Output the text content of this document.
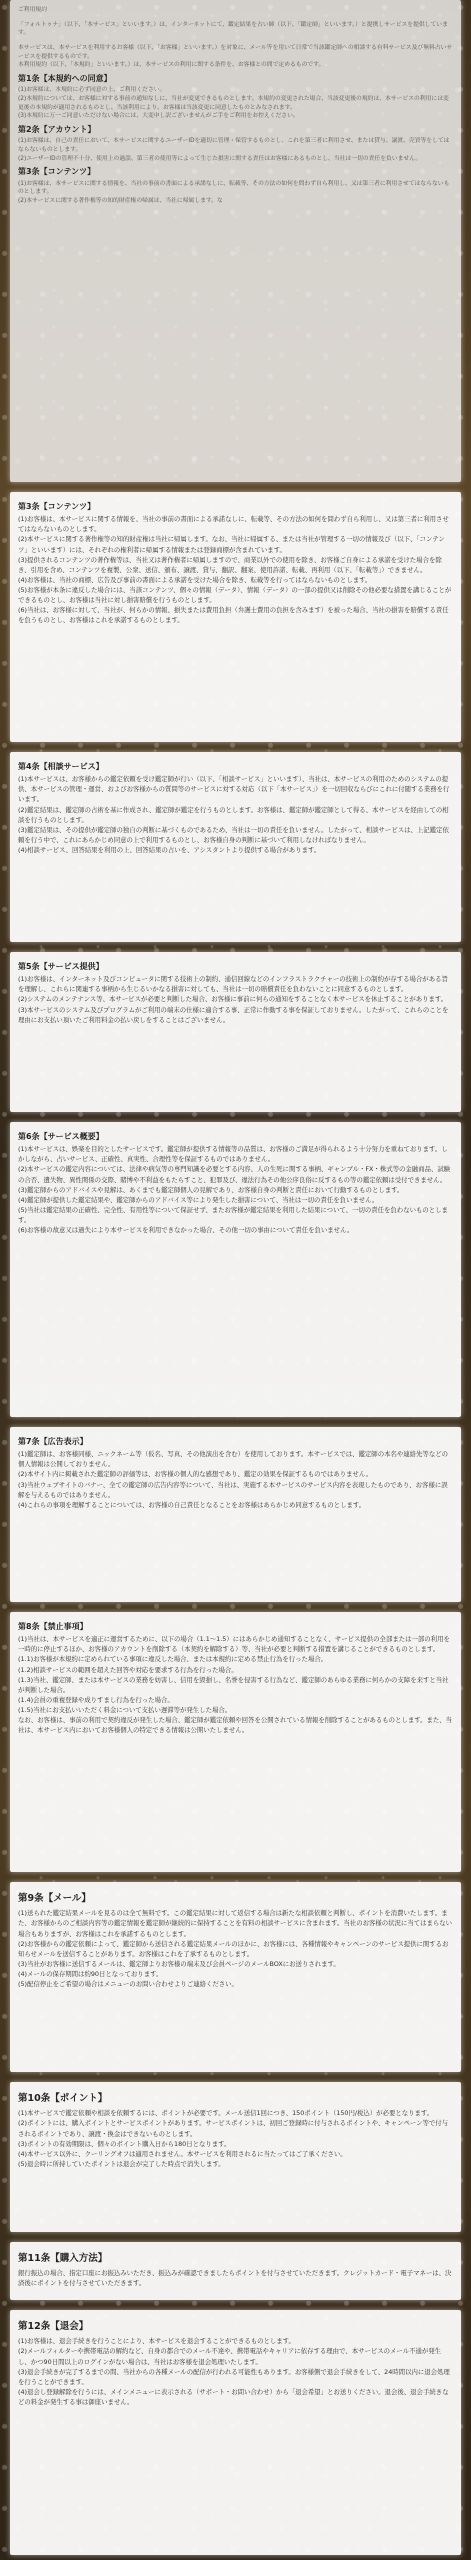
ご利用規約

「フォルトゥナ」（以下、「本サービス」といいます。）は、インターネットにて、鑑定結果を占い師（以下、「鑑定師」といいます。）と提携しサービスを提供しています。

本サービスは、本サービスを利用するお客様（以下、「お客様」といいます。）を対象に、メール等を用いて日常で当該鑑定師への相談する有料サービス及び無料占いサービスを提供するものです。

本利用規約（以下、「本規約」といいます。）は、本サービスの利用に関する条件を、お客様との間で定めるものです。

第1条【本規約への同意】

(1)お客様は、本規約に必ず同意の上、ご利用ください。

(2)本規約については、お客様に対する事前の通知なしに、当社が変更できるものとします。本規約の変更された場合、当該変更後の規約は、本サービスの利用には変更後の本規約が適用されるものとし、当該利用により、お客様は当該変更に同意したものとみなされます。

(3)本規約に万一ご同意いただけない場合には、大変申し訳ございませんがご手をご利用をお控えください。

第2条【アカウント】

(1)お客様は、自己の責任において、本サービスに関するユーザーIDを適切に管理・保管するものとし、これを第三者に利用させ、または貸与、譲渡、売買等をしてはならないものとします。

(2)ユーザーIDの管理不十分、使用上の過誤、第三者の使用等によって生じた損害に関する責任はお客様にあるものとし、当社は一切の責任を負いません。

第3条【コンテンツ】

(1)お客様は、本サービスに関する情報を、当社の事前の書面による承諾なしに、転載等、その方法の如何を問わず自ら利用し、又は第三者に利用させてはならないものとします。

(2)本サービスに関する著作権等の知的財産権の帰属は、当社に帰属します。な

第3条【コンテンツ】

(1)お客様は、本サービスに関する情報を、当社の事前の書面による承諾なしに、転載等、その方法の如何を問わず自ら利用し、又は第三者に利用させてはならないものとします。

(2)本サービスに関する著作権等の知的財産権は当社に帰属します。なお、当社に帰属する、または当社が管理する一切の情報及び（以下、「コンテンツ」といいます）には、それぞれの権利者に帰属する情報または登録商標が含まれています。

(3)提供されるコンテンツの著作権等は、当社又は著作権者に帰属しますので、商業以外での使用を除き、お客様ご自身による承諾を受けた場合を除き、引用を含め、コンテンツを複製、公衆、送信、頒布、譲渡、貸与、翻訳、翻案、使用許諾、転載、再利用（以下、「転載等」）できません。

(4)お客様は、当社の商標、広告及び事前の書面による承諾を受けた場合を除き、転載等を行ってはならないものとします。

(5)お客様が本条に違反した場合には、当該コンテンツ、個々の情報（データ）、情報（データ）の一部の提供又は削除その他必要な措置を講じることができるものとし、お客様は当社に対し損害賠償を行うものとします。

(6)当社は、お客様に対して、当社が、何らかの情報、損失または費用負担（弁護士費用の負担を含みます）を被った場合、当社の損害を賠償する責任を負うものとし、お客様はこれを承諾するものとします。

第4条【相談サービス】

(1)本サービスは、お客様からの鑑定依頼を受け鑑定師が行い（以下、「相談サービス」といいます）、当社は、本サービスの利用のためのシステムの提供、本サービスの管理・運営、およびお客様からの質問等のサービスに対する対応（以下「本サービス」）を一切回収ならびにこれに付随する業務を行います。

(2)鑑定結果は、鑑定師の占術を基に作成され、鑑定師が鑑定を行うものとします。お客様は、鑑定師が鑑定師として得る、本サービスを経由しての相談を行うものとします。

(3)鑑定結果は、その提供が鑑定師の独自の判断に基づくものであるため、当社は一切の責任を負いません。したがって、相談サービスは、上記鑑定依頼を行う中で、これにあらかじめ同意の上で利用するものとし、お客様自身の判断に基づいて利用しなければなりません。

(4)相談サービス、回答結果を利用の上、回答結果の占いを、アシスタントより提供する場合があります。

第5条【サービス提供】

(1)お客様は、インターネット及びコンピュータに関する技術上の制約、通信回線などのインフラストラクチャーの技術上の制約が存する場合がある旨を理解し、これらに関連する事柄から生じるいかなる損害に対しても、当社は一切の賠償責任を負わないことに同意するものとします。

(2)システムのメンテナンス等、本サービスが必要と判断した場合、お客様に事前に何らの通知をすることなく本サービスを休止することがあります。

(3)本サービスのシステム及びプログラムがご利用の端末の仕様に適合する事、正常に作動する事を保証しておりません。したがって、これらのことを理由にお支払い頂いたご利用料金の払い戻しをすることはございません。

第6条【サービス概要】

(1)本サービスは、娯楽を目的としたサービスです。鑑定師が提供する情報等の品質は、お客様のご満足が得られるよう十分努力を重ねております。しかしながら、占いサービス、正確性、真実性、合理性等を保証するものではありません。

(2)本サービスの鑑定内容については、法律や病気等の専門知識を必要とする内容、人の生死に関する事柄、ギャンブル・FX・株式等の金融商品、試験の合否、遺失物、異性関係の交際、賭博や不利益をもたらすこと、犯罪及び、違法行為その他公序良俗に反するもの等の鑑定依頼は受付できません。

(3)鑑定師からのアドバイスや見解は、あくまでも鑑定師個人の見解であり、お客様自身の判断と責任において行動するものとします。

(4)鑑定師が提供した鑑定結果や、鑑定師からのアドバイス等により発生した損害について、当社は一切の責任を負いません。

(5)当社は鑑定結果の正確性、完全性、有用性等について保証せず、またお客様が鑑定結果を利用した結果について、一切の責任を負わないものとします。

(6)お客様の故意又は過失により本サービスを利用できなかった場合、その他一切の事由について責任を負いません。

第7条【広告表示】

(1)鑑定師は、お客様同様、ニックネーム等（仮名、写真、その他演出を含む）を使用しております。本サービスでは、鑑定師の本名や連絡先等などの個人情報は公開しておりません。

(2)本サイト内に掲載された鑑定師の評価等は、お客様の個人的な感想であり、鑑定の効果を保証するものではありません。

(3)当社ウェブサイトのバナー、全ての鑑定師の広告内容等について、当社は、実施する本サービスのサービス内容を表現したものであり、お客様に誤解を与えるものではありません。

(4)これらの事項を理解することについては、お客様の自己責任となることをお客様はあらかじめ同意するものとします。

第8条【禁止事項】

(1)当社は、本サービスを適正に運営するために、以下の場合（1.1〜1.5）にはあらかじめ通知することなく、サービス提供の全部または一部の利用を一時的に停止するほか、お客様のアカウントを削除する（本契約を解除する）等、当社が必要と判断する措置を講じることができるものとします。

(1.1)お客様が本規約に定められている事項に違反した場合、または本規約に定める禁止行為を行った場合。

(1.2)相談サービスの範囲を超えた回答や対応を要求する行為を行った場合。

(1.3)当社、鑑定師、または本サービスの業務を妨害し、信用を毀損し、名誉を侵害する行為など、鑑定師のあらゆる業務に何らかの支障を来すと当社が判断した場合。

(1.4)会員の重複登録や成りすまし行為を行った場合。

(1.5)当社にお支払いいただく料金について支払い遅滞等が発生した場合。

なお、お客様は、事前の利用で契約違反が発生した場合、鑑定師が鑑定依頼や回答を公開されている情報を削除することがあるものとします。また、当社は、本サービス内においてお客様個人の特定できる情報は公開いたしません。

第9条【メール】

(1)送られた鑑定結果メールを見るのは全て無料です。この鑑定結果に対して返信する場合は新たな相談依頼と判断し、ポイントを消費いたします。また、お客様からのご相談内容等の鑑定情報を鑑定師が継続的に保持することを有料の相談サービスに含まれます。当社のお客様の状況に当てはまらない場合もありますが、お客様はこれを承諾するものとします。

(2)お客様からの鑑定依頼によって、鑑定師から送信される鑑定結果メールのほかに、お客様には、各種情報やキャンペーンのサービス提供に関するお知らせメールを送信することがあります。お客様はこれを了承するものとします。

(3)当社がお客様に送信するメールは、鑑定師よりお客様の端末及び会員ページのメールBOXにお送りされます。

(4)メールの保存期間は約90日となっております。

(5)配信停止をご希望の場合はメニューのお問い合わせよりご連絡ください。

第10条【ポイント】

(1)本サービスで鑑定依頼や相談を依頼するには、ポイントが必要です。メール送信1回につき、150ポイント（150円/税込）が必要となります。

(2)ポイントには、購入ポイントとサービスポイントがあります。サービスポイントは、初回ご登録時に付与されるポイントや、キャンペーン等で付与されるポイントであり、譲渡・換金はできないものとします。

(3)ポイントの有効期限は、個々のポイント購入日から180日となります。

(4)本サービス以外に、クーリングオフは適用されません。本サービスを利用されるに当たってはご了承ください。

(5)退会時に所持していたポイントは退会が完了した時点で消失します。

第11条【購入方法】

銀行振込の場合、指定口座にお振込みいただき、振込みが確認できましたらポイントを付与させていただきます。クレジットカード・電子マネーは、決済後にポイントを付与させていただきます。

第12条【退会】

(1)お客様は、退会手続きを行うことにより、本サービスを退会することができるものとします。

(2)メールフィルターや携帯電話の解約など、自身の都合でのメール不達や、携帯電話やキャリアに依存する理由で、本サービスのメール不通が発生し、かつ90日間以上のログインがない場合は、当社はお客様を退会処理いたします。

(3)退会手続きが完了するまでの間、当社からの各種メールの配信が行われる可能性もあります。お客様側で退会手続きをして、24時間以内に退会処理を行うことができます。

(4)退会し登録解除を行うには、メインメニューに表示される（サポート・お問い合わせ）から「退会希望」とお送りください。退会後、退会手続きなどの料金が発生する事は御座いません。
